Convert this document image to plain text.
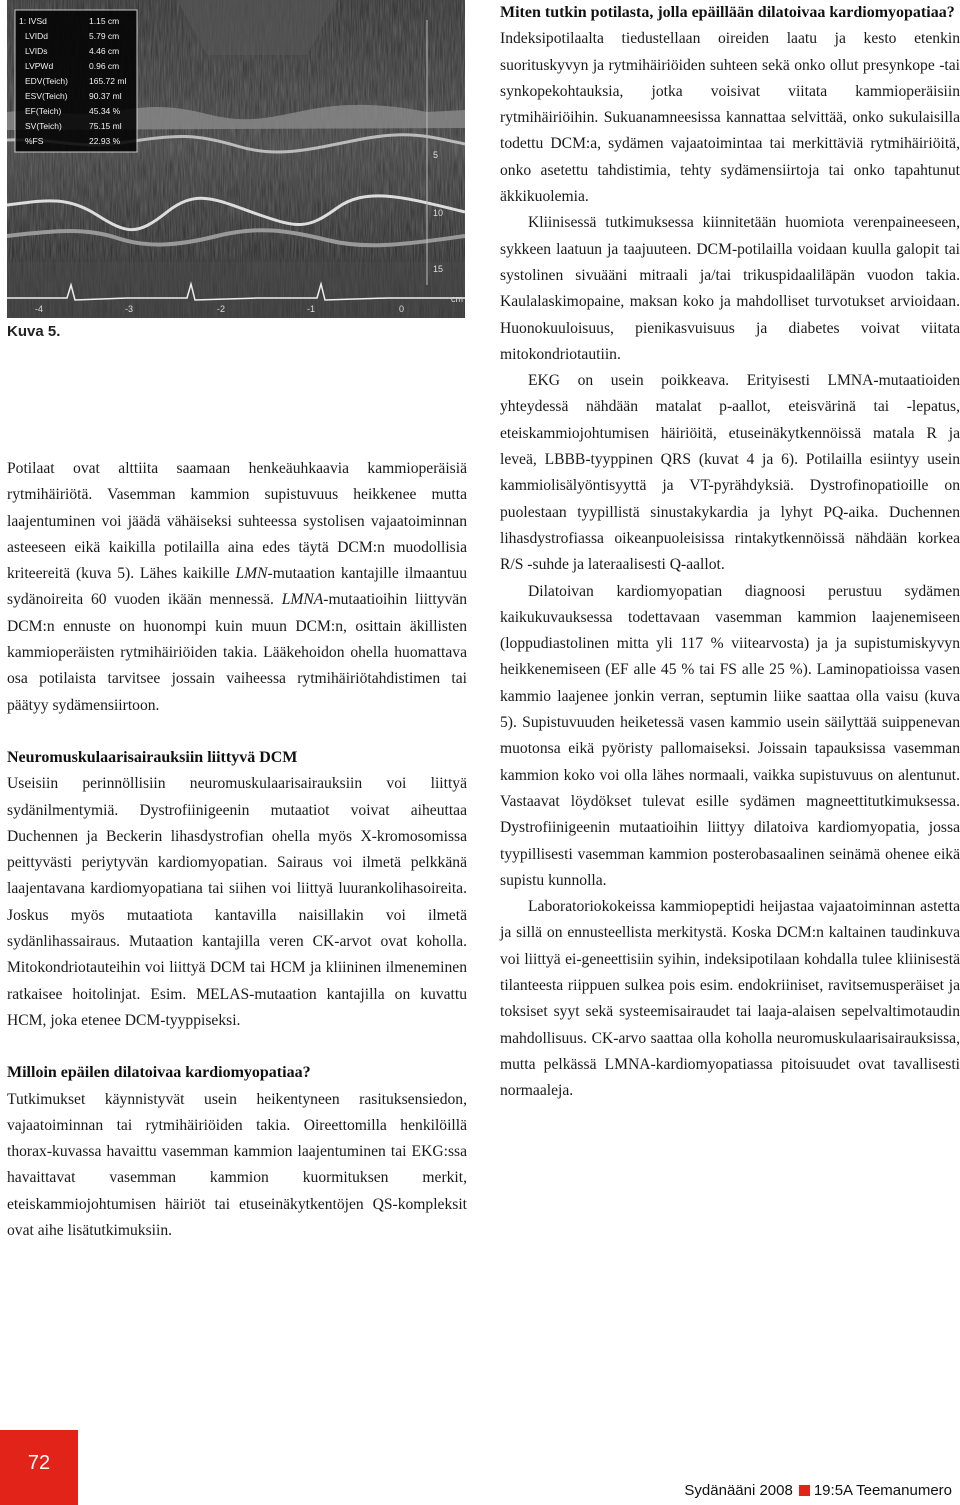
1: IVSd	1.15 cm
LVIDd	5.79 cm
LVIDs	4.46 cm
LVPWd	0.96 cm
EDV(Teich) 165.72 ml
ESV(Teich)	90.37 ml
EF(Teich)	45.34 %
SV(Teich)	75.15 ml
%FS	22.93 %
5
10
15
cm
-4	-3	-2	-1	0
Kuva 5.

Potilaat ovat alttiita saamaan henkeäuhkaavia kammioperäisiä rytmihäiriötä. Vasemman kammion supistuvuus heikkenee mutta laajentuminen voi jäädä vähäiseksi suhteessa systolisen vajaatoiminnan asteeseen eikä kaikilla potilailla aina edes täytä DCM:n muodollisia kriteereitä (kuva 5). Lähes kaikille LMN-mutaation kantajille ilmaantuu sydänoireita 60 vuoden ikään mennessä. LMNA-mutaatioihin liittyvän DCM:n ennuste on huonompi kuin muun DCM:n, osittain äkillisten kammioperäisten rytmihäiriöiden takia. Lääkehoidon ohella huomattava osa potilaista tarvitsee jossain vaiheessa rytmihäiriötahdistimen tai päätyy sydämensiirtoon.

Neuromuskulaarisairauksiin liittyvä DCM

Useisiin perinnöllisiin neuromuskulaarisairauksiin voi liittyä sydänilmentymiä. Dystrofiinigeenin mutaatiot voivat aiheuttaa Duchennen ja Beckerin lihasdystrofian ohella myös X-kromosomissa peittyvästi periytyvän kardiomyopatian. Sairaus voi ilmetä pelkkänä laajentavana kardiomyopatiana tai siihen voi liittyä luurankolihasoireita. Joskus myös mutaatiota kantavilla naisillakin voi ilmetä sydänlihassairaus. Mutaation kantajilla veren CK-arvot ovat koholla. Mitokondriotauteihin voi liittyä DCM tai HCM ja kliininen ilmeneminen ratkaisee hoitolinjat. Esim. MELAS-mutaation kantajilla on kuvattu HCM, joka etenee DCM-tyyppiseksi.

Milloin epäilen dilatoivaa kardiomyopatiaa?

Tutkimukset käynnistyvät usein heikentyneen rasituksensiedon, vajaatoiminnan tai rytmihäiriöiden takia. Oireettomilla henkilöillä thorax-kuvassa havaittu vasemman kammion laajentuminen tai EKG:ssa havaittavat vasemman kammion kuormituksen merkit, eteiskammiojohtumisen häiriöt tai etuseinäkytkentöjen QS-kompleksit ovat aihe lisätutkimuksiin.

Miten tutkin potilasta, jolla epäillään dilatoivaa kardiomyopatiaa?

Indeksipotilaalta tiedustellaan oireiden laatu ja kesto etenkin suorituskyvyn ja rytmihäiriöiden suhteen sekä onko ollut presynkope -tai synkopekohtauksia, jotka voisivat viitata kammioperäisiin rytmihäiriöihin. Sukuanamneesissa kannattaa selvittää, onko sukulaisilla todettu DCM:a, sydämen vajaatoimintaa tai merkittäviä rytmihäiriöitä, onko asetettu tahdistimia, tehty sydämensiirtoja tai onko tapahtunut äkkikuolemia.

Kliinisessä tutkimuksessa kiinnitetään huomiota verenpaineeseen, sykkeen laatuun ja taajuuteen. DCM-potilailla voidaan kuulla galopit tai systolinen sivuääni mitraali ja/tai trikuspidaaliläpän vuodon takia. Kaulalaskimopaine, maksan koko ja mahdolliset turvotukset arvioidaan. Huonokuuloisuus, pienikasvuisuus ja diabetes voivat viitata mitokondriotautiin.

EKG on usein poikkeava. Erityisesti LMNA-mutaatioiden yhteydessä nähdään matalat p-aallot, eteisvärinä tai -lepatus, eteiskammiojohtumisen häiriöitä, etuseinäkytkennöissä matala R ja leveä, LBBB-tyyppinen QRS (kuvat 4 ja 6). Potilailla esiintyy usein kammiolisälyöntisyyttä ja VT-pyrähdyksiä. Dystrofinopatioille on puolestaan tyypillistä sinustakykardia ja lyhyt PQ-aika. Duchennen lihasdystrofiassa oikeanpuoleisissa rintakytkennöissä nähdään korkea R/S -suhde ja lateraalisesti Q-aallot.

Dilatoivan kardiomyopatian diagnoosi perustuu sydämen kaikukuvauksessa todettavaan vasemman kammion laajenemiseen (loppudiastolinen mitta yli 117 % viitearvosta) ja ja supistumiskyvyn heikkenemiseen (EF alle 45 % tai FS alle 25 %). Laminopatioissa vasen kammio laajenee jonkin verran, septumin liike saattaa olla vaisu (kuva 5). Supistuvuuden heiketessä vasen kammio usein säilyttää suippenevan muotonsa eikä pyöristy pallomaiseksi. Joissain tapauksissa vasemman kammion koko voi olla lähes normaali, vaikka supistuvuus on alentunut. Vastaavat löydökset tulevat esille sydämen magneettitutkimuksessa. Dystrofiinigeenin mutaatioihin liittyy dilatoiva kardiomyopatia, jossa tyypillisesti vasemman kammion posterobasaalinen seinämä ohenee eikä supistu kunnolla.

Laboratoriokokeissa kammiopeptidi heijastaa vajaatoiminnan astetta ja sillä on ennusteellista merkitystä. Koska DCM:n kaltainen taudinkuva voi liittyä ei-geneettisiin syihin, indeksipotilaan kohdalla tulee kliinisestä tilanteesta riippuen sulkea pois esim. endokriiniset, ravitsemusperäiset ja toksiset syyt sekä systeemisairaudet tai laaja-alaisen sepelvaltimotaudin mahdollisuus. CK-arvo saattaa olla koholla neuromuskulaarisairauksissa, mutta pelkässä LMNA-kardiomyopatiassa pitoisuudet ovat tavallisesti normaaleja.

72
Sydänääni 2008 19:5A Teemanumero
